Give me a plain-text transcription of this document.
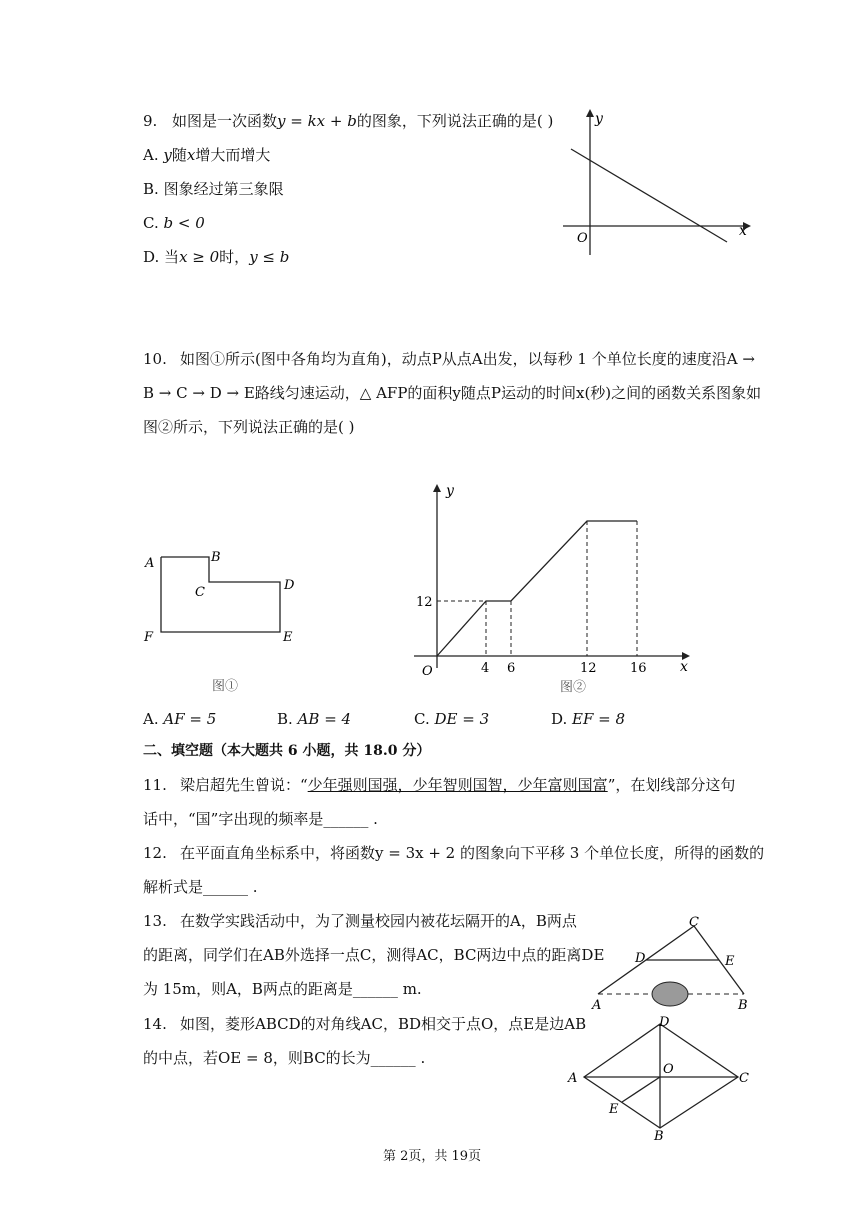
9. 如图是一次函数y = kx + b的图象，下列说法正确的是( )
A. y随x增大而增大
B. 图象经过第三象限
C. b < 0
D. 当x ≥ 0时，y ≤ b
y
x
O
10. 如图①所示(图中各角均为直角)，动点P从点A出发，以每秒 1 个单位长度的速度沿A →
B → C → D → E路线匀速运动，△ AFP的面积y随点P运动的时间x(秒)之间的函数关系图象如
图②所示，下列说法正确的是( )
A	B
C	D
E
F
图①
y
x
O
12
4 6	12	16
图②
A. AF = 5	B. AB = 4	C. DE = 3	D. EF = 8
二、填空题（本大题共 6 小题，共 18.0 分）
11. 梁启超先生曾说：“少年强则国强，少年智则国智，少年富则国富”，在划线部分这句
话中，“国”字出现的频率是______ .
12. 在平面直角坐标系中，将函数y = 3x + 2 的图象向下平移 3 个单位长度，所得的函数的
解析式是______ .
13. 在数学实践活动中，为了测量校园内被花坛隔开的A，B两点
的距离，同学们在AB外选择一点C，测得AC，BC两边中点的距离DE
为 15m，则A，B两点的距离是______ m.
C
D	E
A	B
14. 如图，菱形ABCD的对角线AC，BD相交于点O，点E是边AB
的中点，若OE = 8，则BC的长为______ .
D
A
O
C
E
B
第 2页，共 19页
